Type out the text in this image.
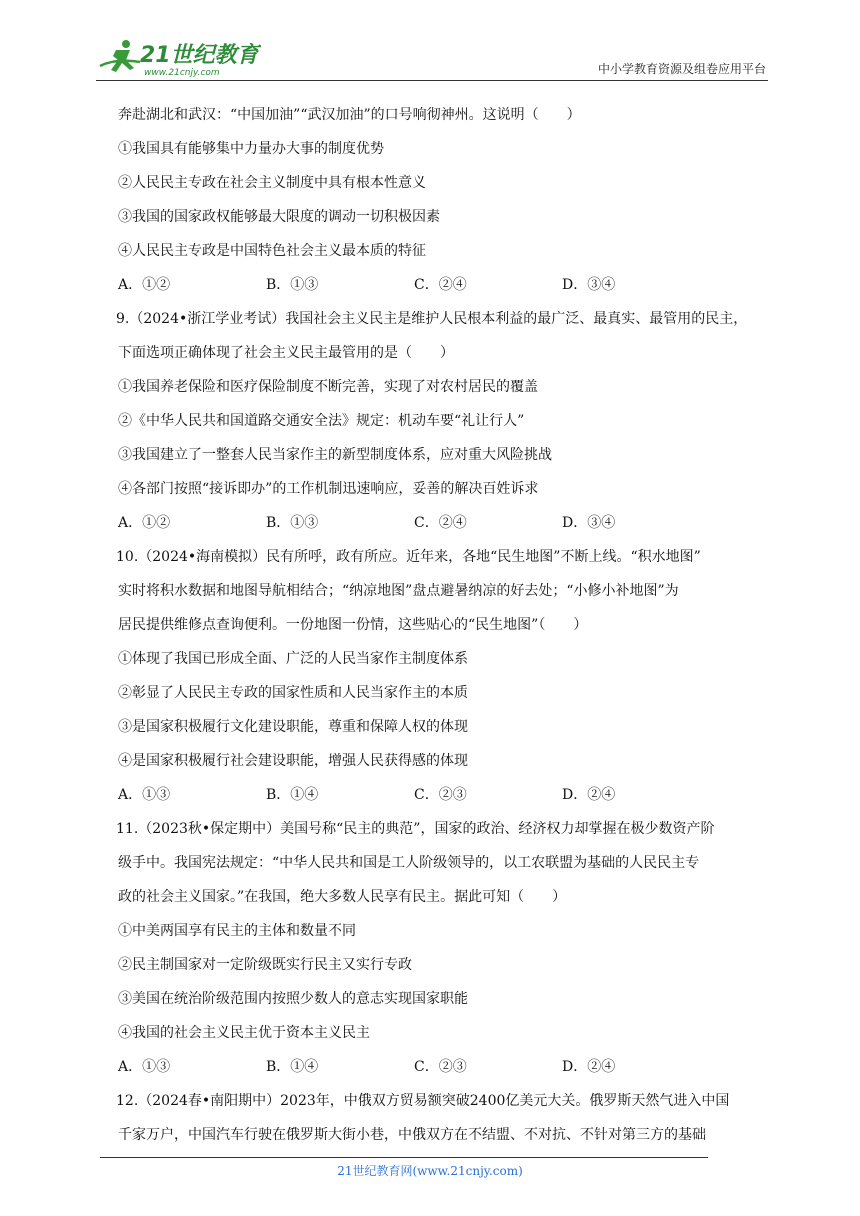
21世纪教育
www.21cnjy.com	中小学教育资源及组卷应用平台
奔赴湖北和武汉：“中国加油”“武汉加油”的口号响彻神州。这说明（　　）
①我国具有能够集中力量办大事的制度优势
②人民民主专政在社会主义制度中具有根本性意义
③我国的国家政权能够最大限度的调动一切积极因素
④人民民主专政是中国特色社会主义最本质的特征
A．①②	B．①③	C．②④	D．③④
9.（2024•浙江学业考试）我国社会主义民主是维护人民根本利益的最广泛、最真实、最管用的民主，
下面选项正确体现了社会主义民主最管用的是（　　）
①我国养老保险和医疗保险制度不断完善，实现了对农村居民的覆盖
②《中华人民共和国道路交通安全法》规定：机动车要“礼让行人”
③我国建立了一整套人民当家作主的新型制度体系，应对重大风险挑战
④各部门按照“接诉即办”的工作机制迅速响应，妥善的解决百姓诉求
A．①②	B．①③	C．②④	D．③④
10.（2024•海南模拟）民有所呼，政有所应。近年来，各地“民生地图”不断上线。“积水地图”
实时将积水数据和地图导航相结合；“纳凉地图”盘点避暑纳凉的好去处；“小修小补地图”为
居民提供维修点查询便利。一份地图一份情，这些贴心的“民生地图”（　　）
①体现了我国已形成全面、广泛的人民当家作主制度体系
②彰显了人民民主专政的国家性质和人民当家作主的本质
③是国家积极履行文化建设职能，尊重和保障人权的体现
④是国家积极履行社会建设职能，增强人民获得感的体现
A．①③	B．①④	C．②③	D．②④
11.（2023秋•保定期中）美国号称“民主的典范”，国家的政治、经济权力却掌握在极少数资产阶
级手中。我国宪法规定：“中华人民共和国是工人阶级领导的，以工农联盟为基础的人民民主专
政的社会主义国家。”在我国，绝大多数人民享有民主。据此可知（　　）
①中美两国享有民主的主体和数量不同
②民主制国家对一定阶级既实行民主又实行专政
③美国在统治阶级范围内按照少数人的意志实现国家职能
④我国的社会主义民主优于资本主义民主
A．①③	B．①④	C．②③	D．②④
12.（2024春•南阳期中）2023年，中俄双方贸易额突破2400亿美元大关。俄罗斯天然气进入中国
千家万户，中国汽车行驶在俄罗斯大街小巷，中俄双方在不结盟、不对抗、不针对第三方的基础
21世纪教育网(www.21cnjy.com)
